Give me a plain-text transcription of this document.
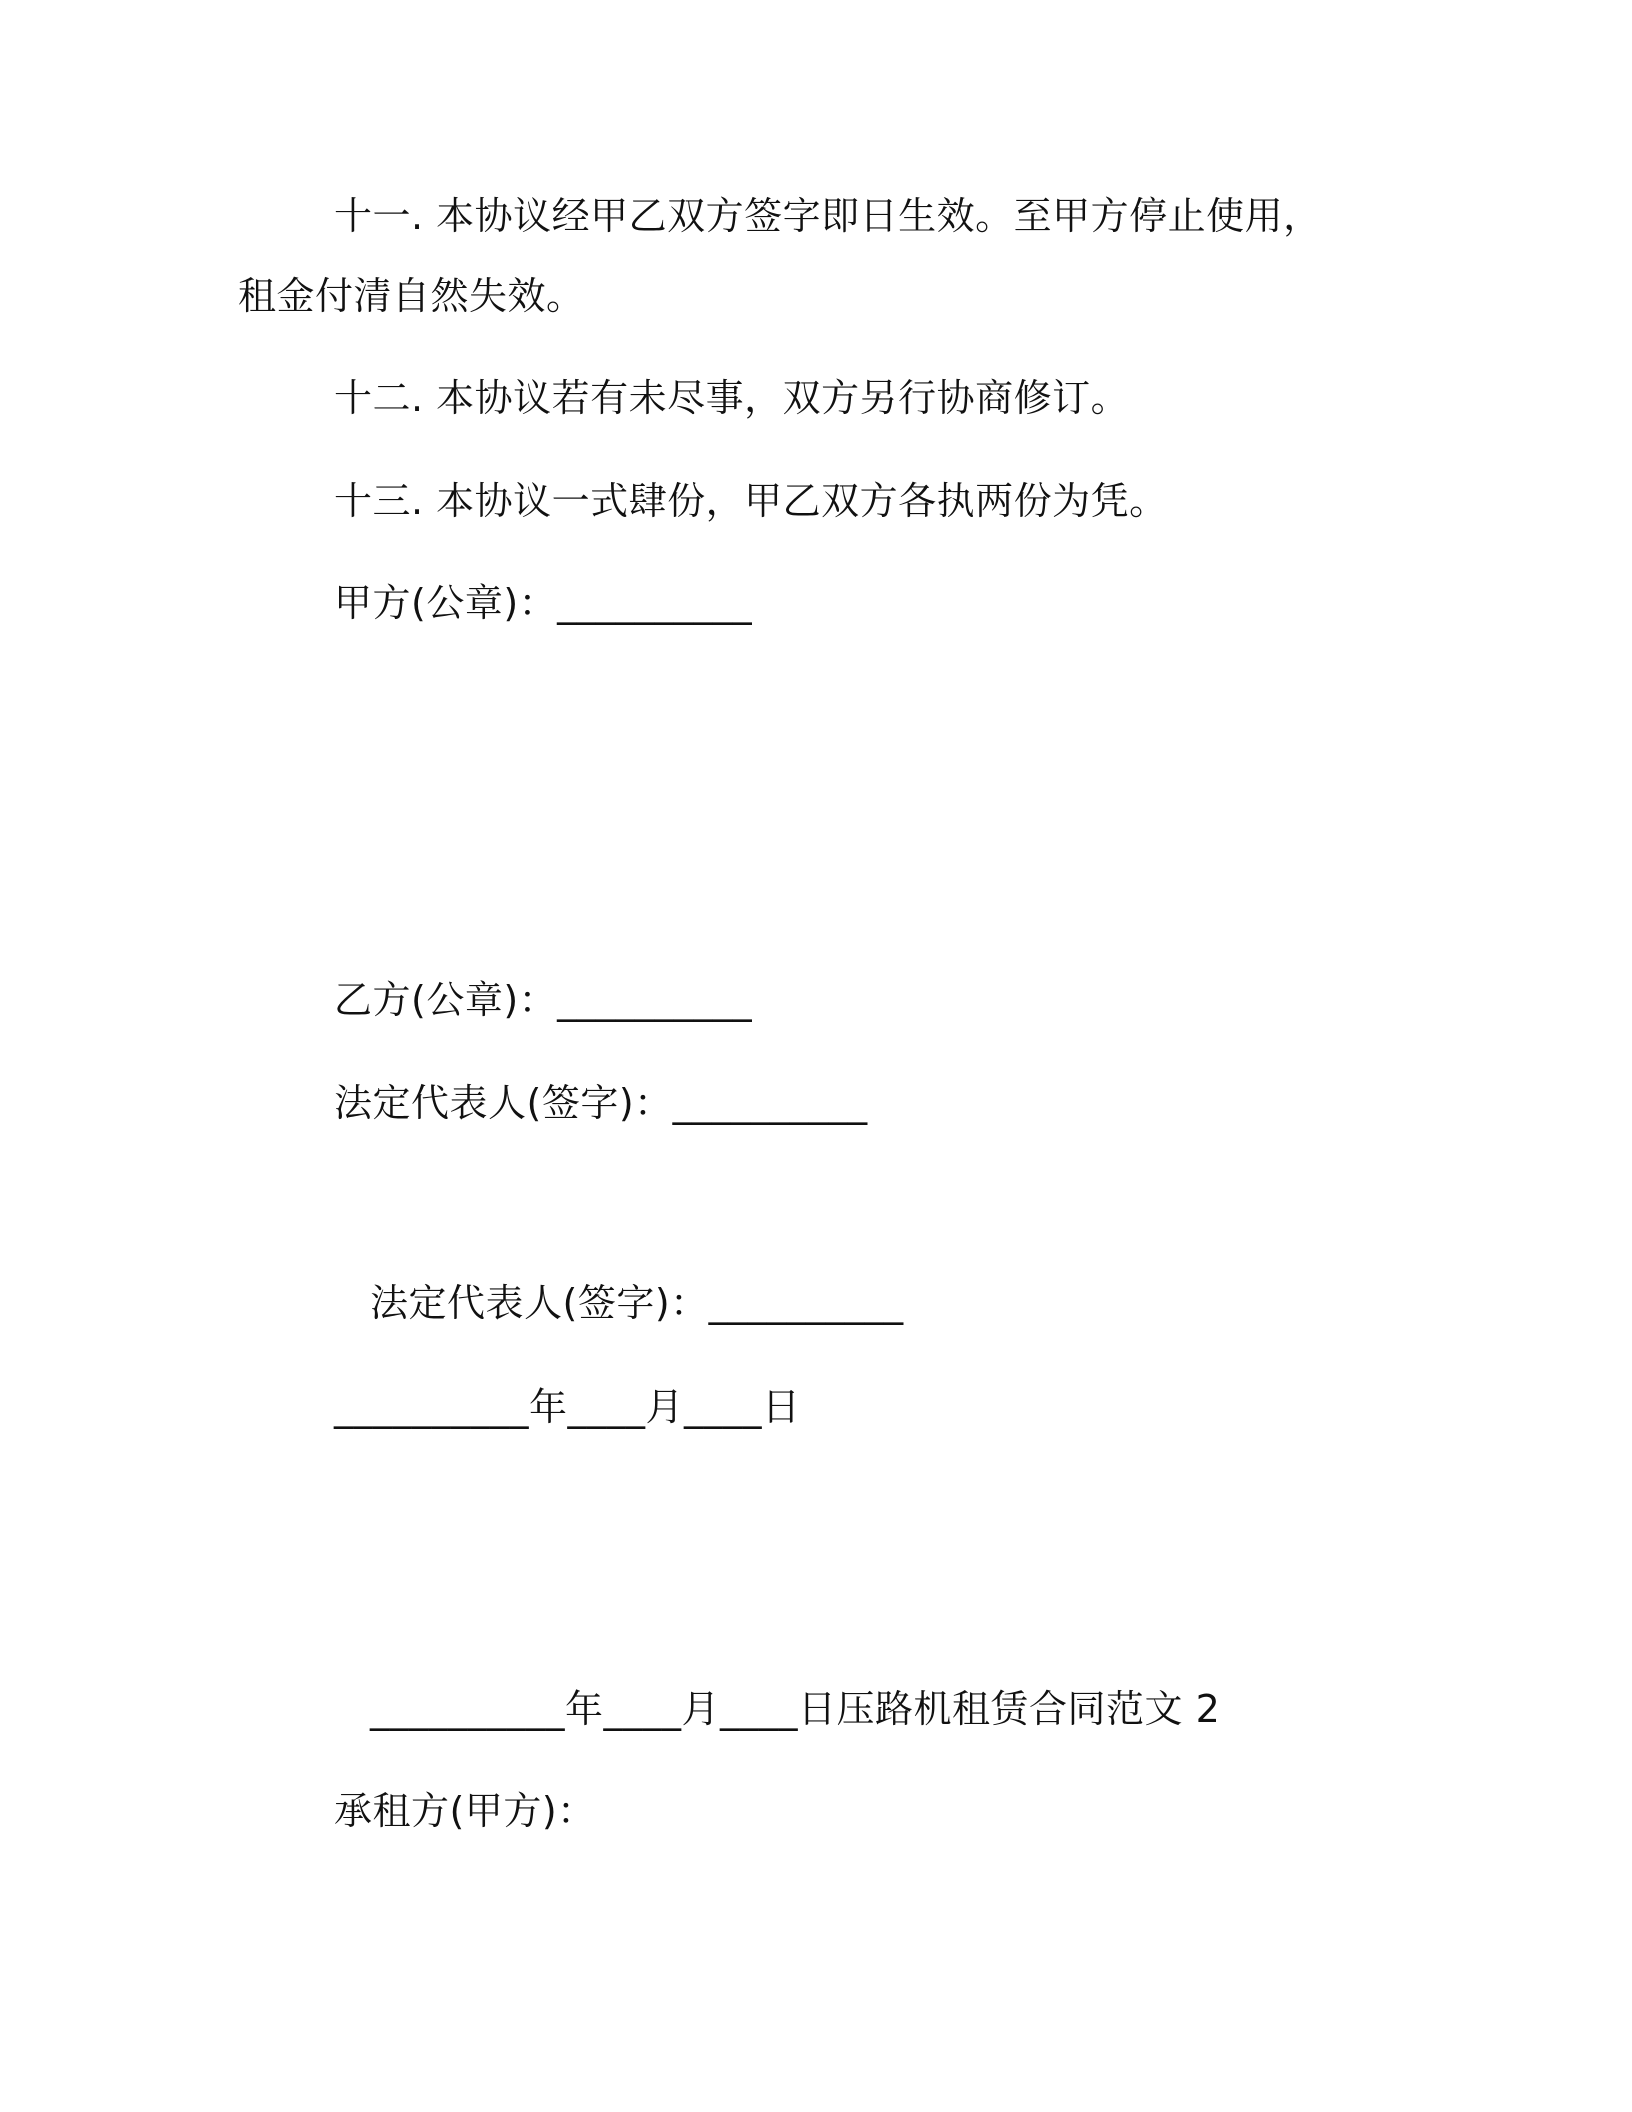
十一. 本协议经甲乙双方签字即日生效。至甲方停止使用，租金付清自然失效。

十二. 本协议若有未尽事，双方另行协商修订。
十三. 本协议一式肆份，甲乙双方各执两份为凭。
甲方(公章)：__________
乙方(公章)：__________
法定代表人(签字)：__________
法定代表人(签字)：__________
__________年____月____日
__________年____月____日压路机租赁合同范文 2
承租方(甲方)：
